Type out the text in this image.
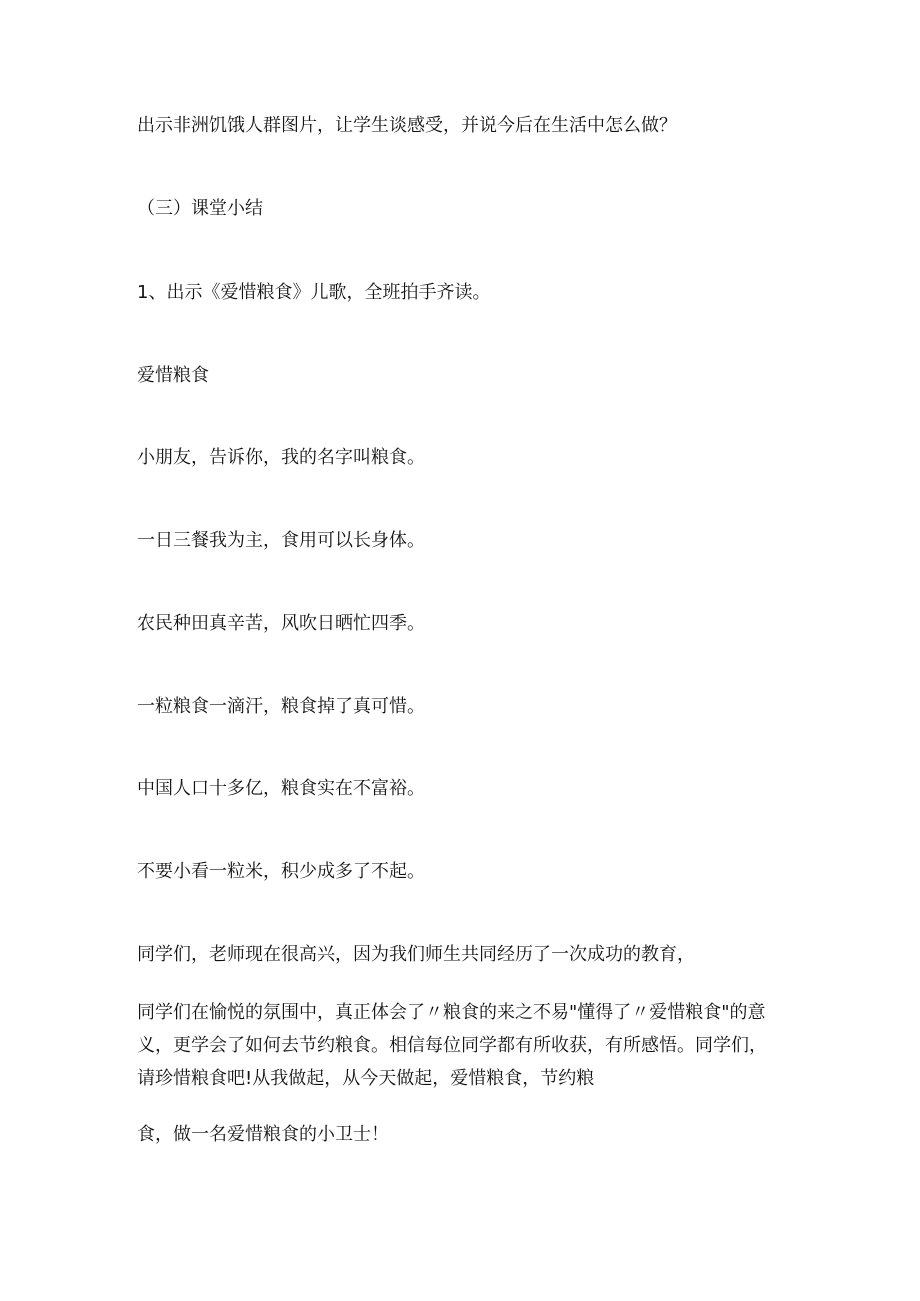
出示非洲饥饿人群图片，让学生谈感受，并说今后在生活中怎么做？
（三）课堂小结
1、出示《爱惜粮食》儿歌，全班拍手齐读。
爱惜粮食
小朋友，告诉你，我的名字叫粮食。
一日三餐我为主，食用可以长身体。
农民种田真辛苦，风吹日晒忙四季。
一粒粮食一滴汗，粮食掉了真可惜。
中国人口十多亿，粮食实在不富裕。
不要小看一粒米，积少成多了不起。
同学们，老师现在很高兴，因为我们师生共同经历了一次成功的教育，
同学们在愉悦的氛围中，真正体会了〃粮食的来之不易"懂得了〃爱惜粮食"的意义，更学会了如何去节约粮食。相信每位同学都有所收获，有所感悟。同学们，请珍惜粮食吧!从我做起，从今天做起，爱惜粮食，节约粮
食，做一名爱惜粮食的小卫士！
